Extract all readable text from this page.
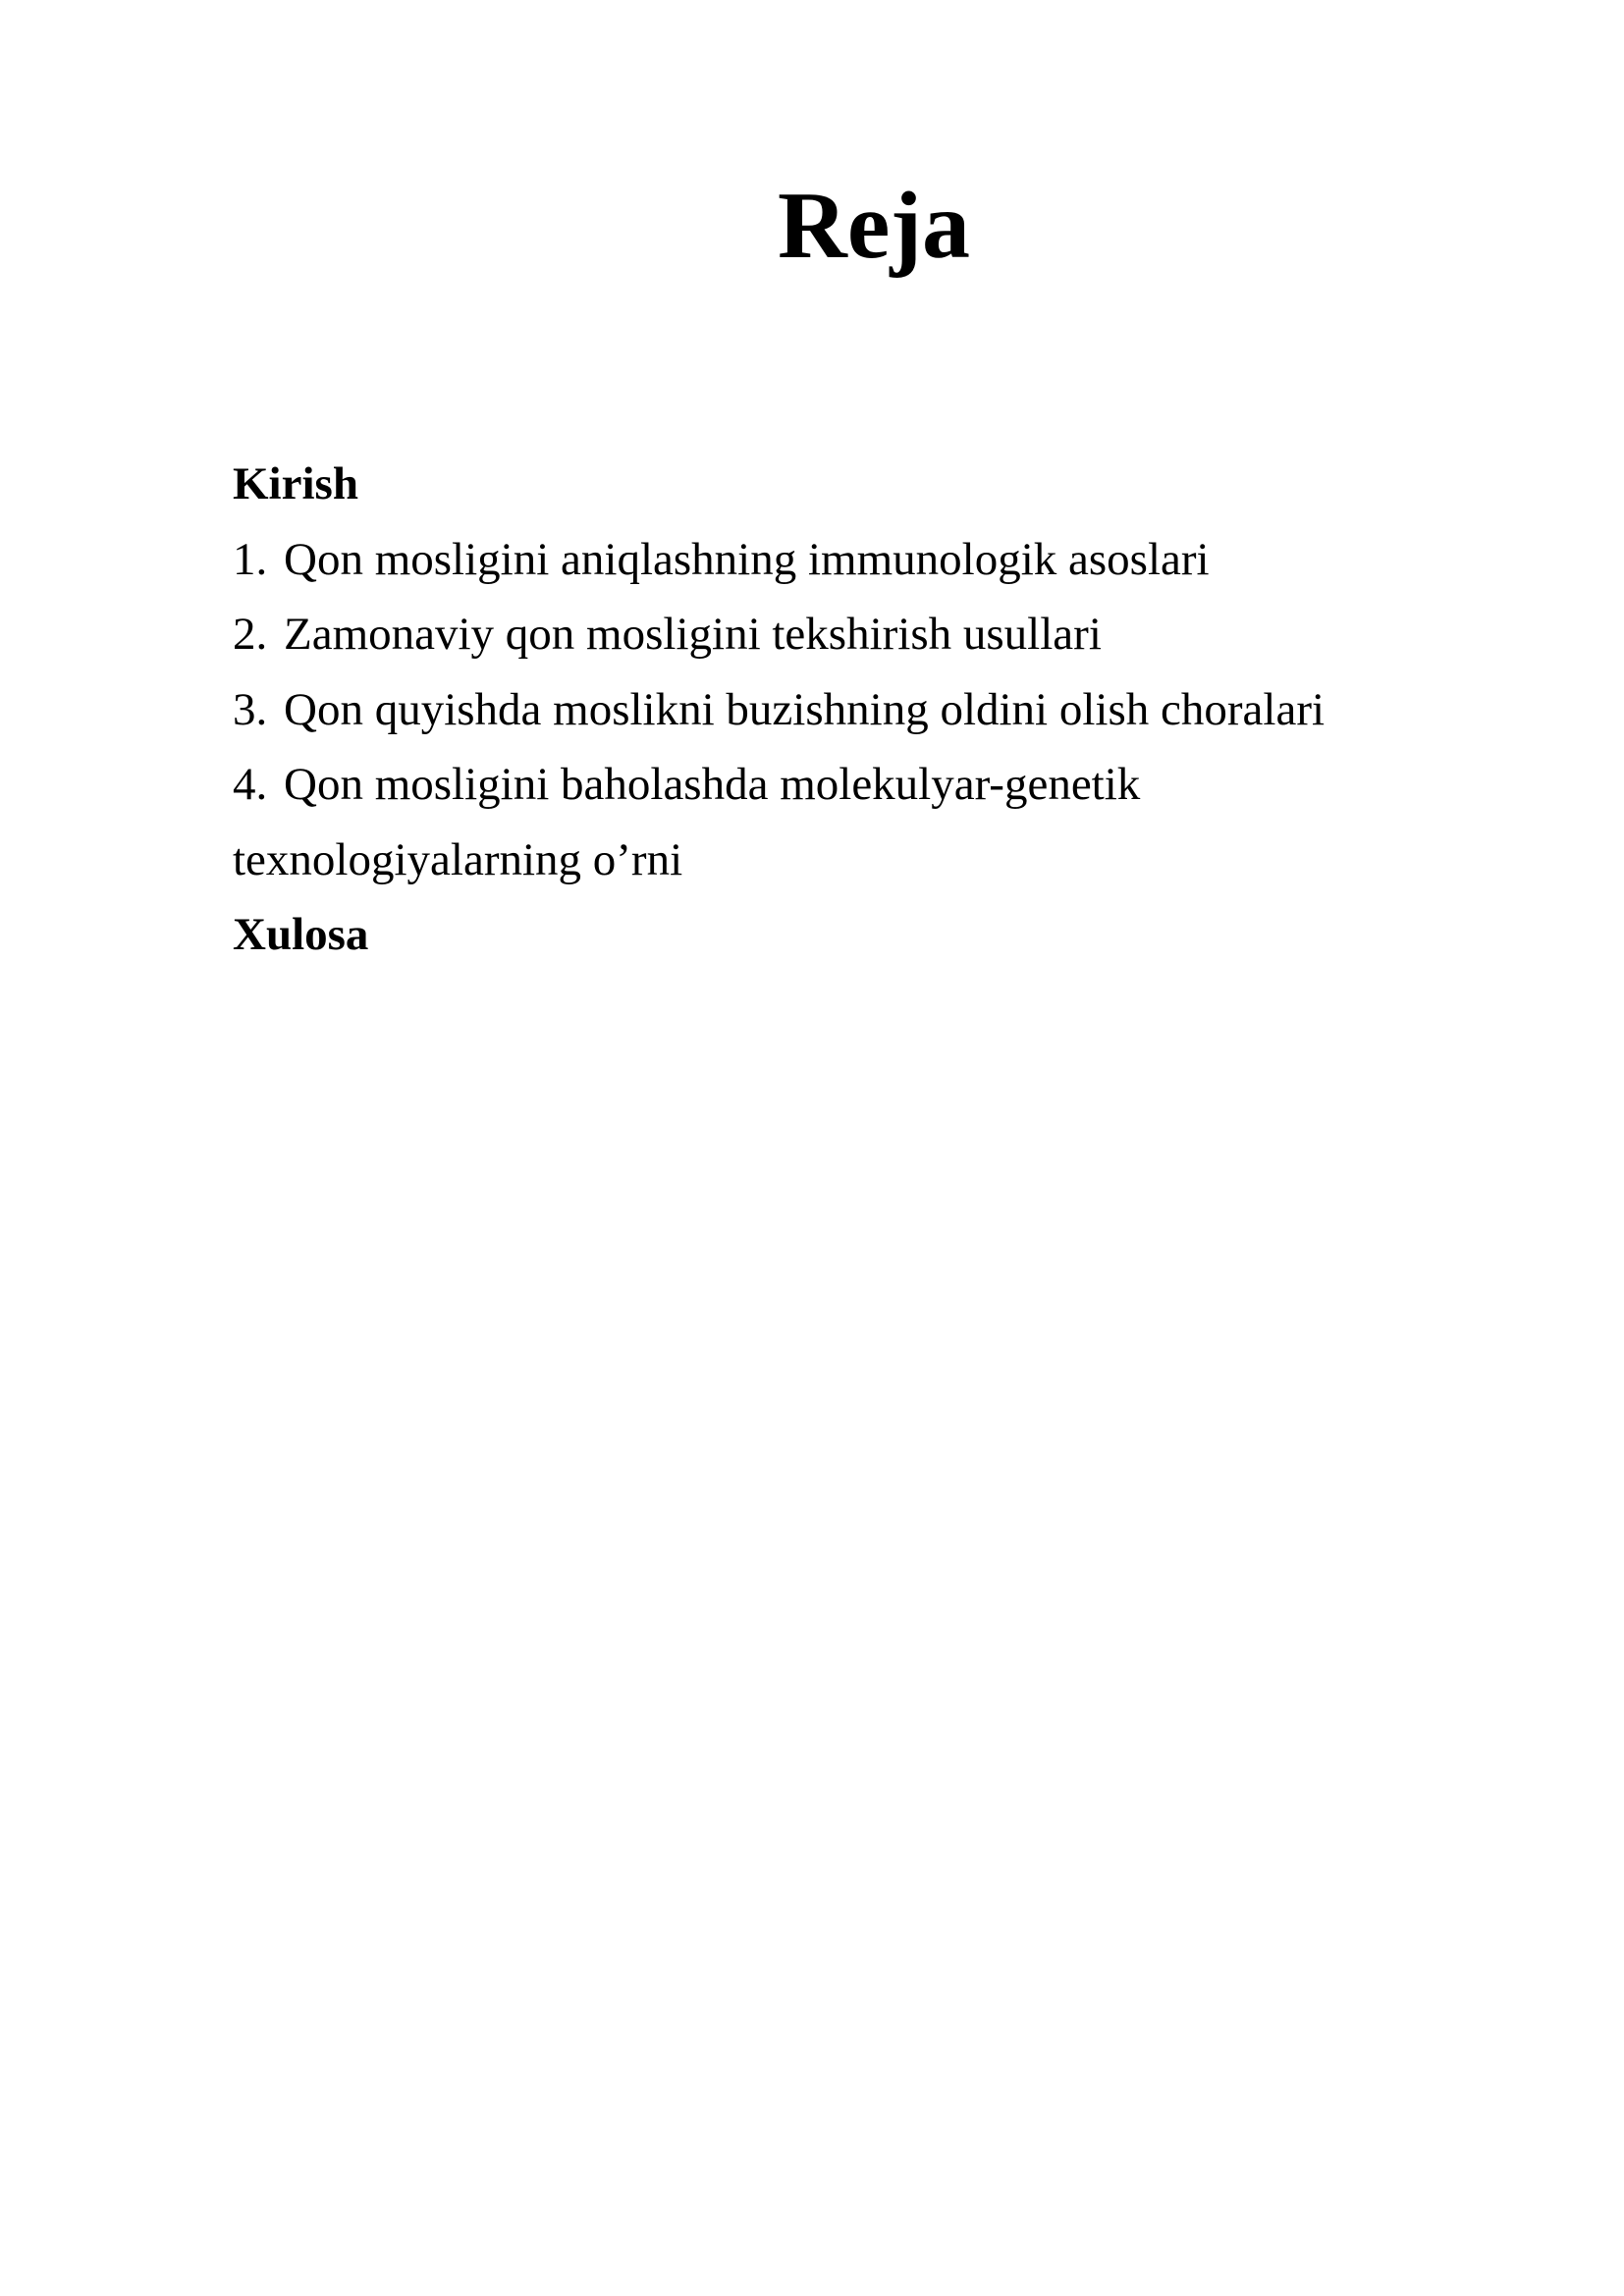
Reja

Kirish

1. Qon mosligini aniqlashning immunologik asoslari

2. Zamonaviy qon mosligini tekshirish usullari

3. Qon quyishda moslikni buzishning oldini olish choralari

4. Qon mosligini baholashda molekulyar-genetik

texnologiyalarning o’rni

Xulosa
